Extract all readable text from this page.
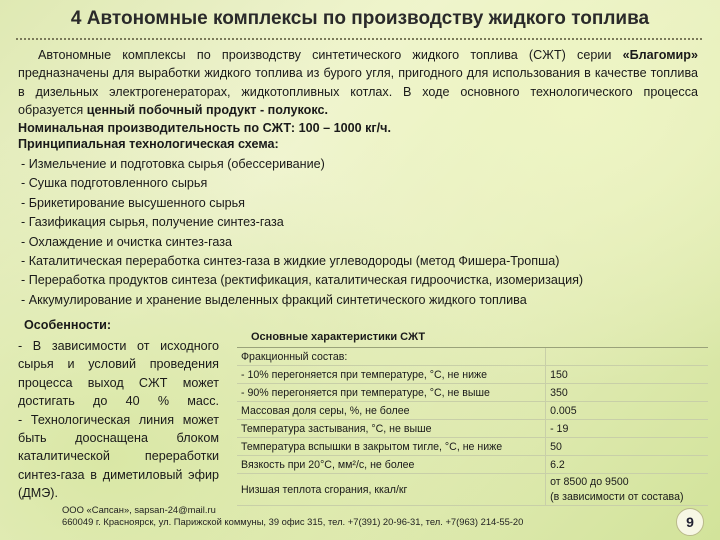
4 Автономные комплексы по производству жидкого топлива
Автономные комплексы по производству синтетического жидкого топлива (СЖТ) серии «Благомир» предназначены для выработки жидкого топлива из бурого угля, пригодного для использования в качестве топлива в дизельных электрогенераторах, жидкотопливных котлах. В ходе основного технологического процесса образуется ценный побочный продукт - полукокс.
Номинальная производительность по СЖТ: 100 – 1000 кг/ч.
Принципиальная технологическая схема:
- Измельчение и подготовка сырья (обессеривание)
- Сушка подготовленного сырья
- Брикетирование высушенного сырья
- Газификация сырья, получение синтез-газа
- Охлаждение и очистка синтез-газа
- Каталитическая переработка синтез-газа в жидкие углеводороды (метод Фишера-Тропша)
- Переработка продуктов синтеза (ректификация, каталитическая гидроочистка, изомеризация)
- Аккумулирование и хранение выделенных фракций синтетического жидкого топлива
Особенности:

- В зависимости от исходного сырья и условий проведения процесса выход СЖТ может достигать до 40 % масс.

- Технологическая линия может быть дооснащена блоком каталитической переработки синтез-газа в диметиловый эфир (ДМЭ).

Основные характеристики СЖТ	
Фракционный состав:	
- 10% перегоняется при температуре, °С, не ниже	150
- 90% перегоняется при температуре, °С, не выше	350
Массовая доля серы, %, не более	0.005
Температура застывания, °С, не выше	- 19
Температура вспышки в закрытом тигле, °С, не ниже	50
Вязкость при 20°С, мм²/с, не более	6.2
Низшая теплота сгорания, ккал/кг	от 8500 до 9500
(в зависимости от состава)
ООО «Сапсан», sapsan-24@mail.ru
660049 г. Красноярск, ул. Парижской коммуны, 39 офис 315, тел. +7(391) 20-96-31, тел. +7(963) 214-55-20	9
